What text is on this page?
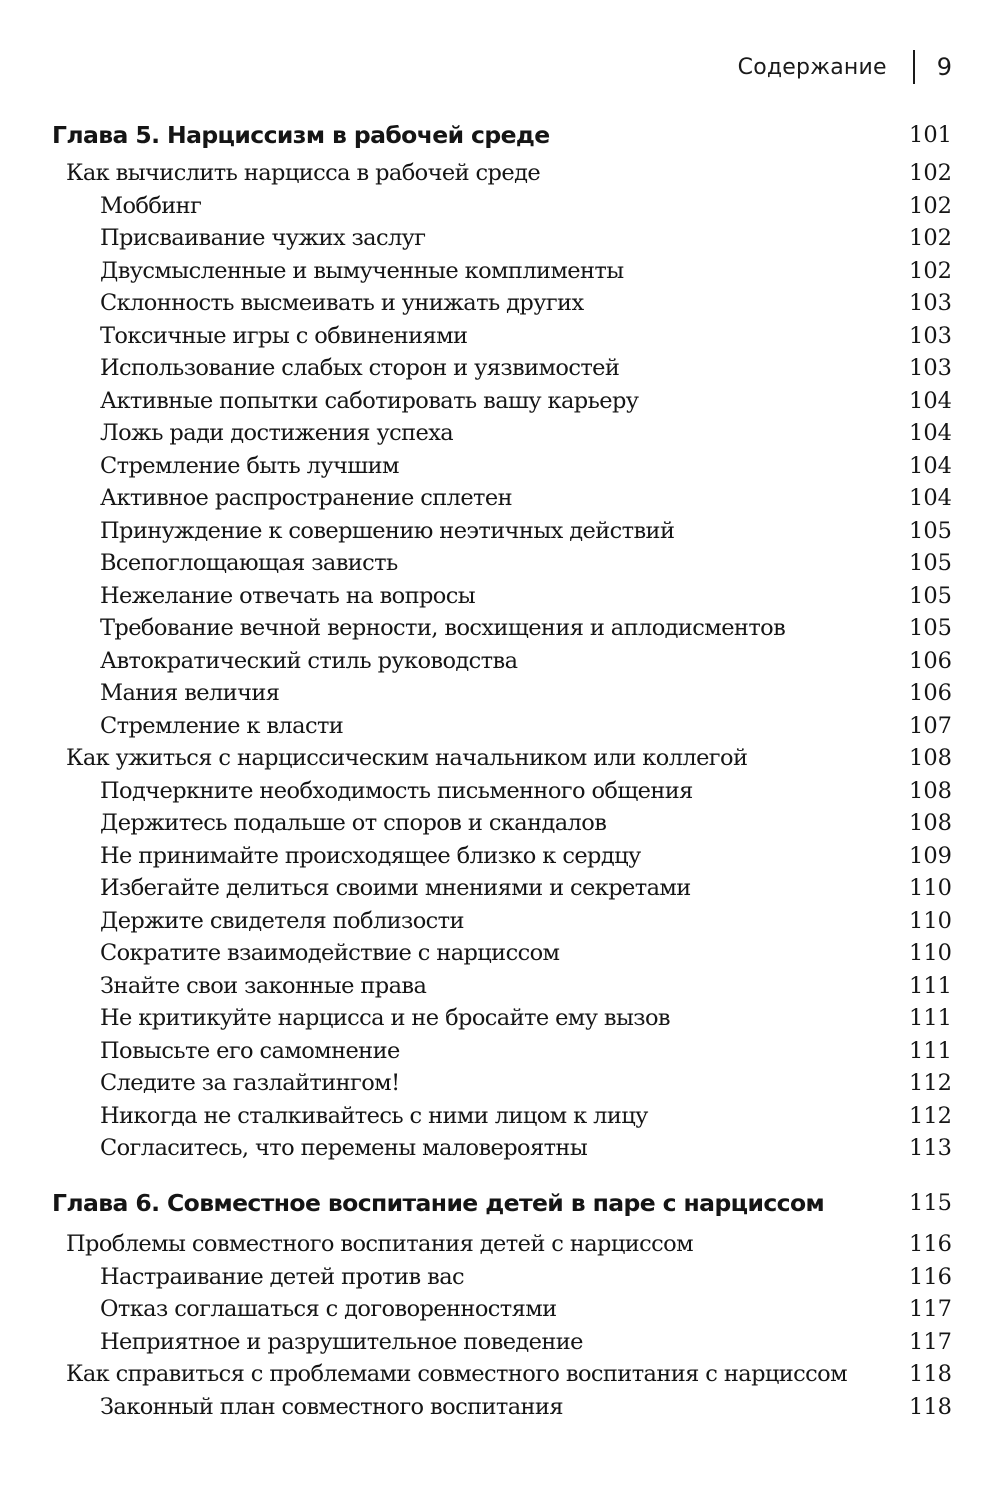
Содержание 9
Глава 5. Нарциссизм в рабочей среде	101
Как вычислить нарцисса в рабочей среде	102
Моббинг	102
Присваивание чужих заслуг	102
Двусмысленные и вымученные комплименты	102
Склонность высмеивать и унижать других	103
Токсичные игры с обвинениями	103
Использование слабых сторон и уязвимостей	103
Активные попытки саботировать вашу карьеру	104
Ложь ради достижения успеха	104
Стремление быть лучшим	104
Активное распространение сплетен	104
Принуждение к совершению неэтичных действий	105
Всепоглощающая зависть	105
Нежелание отвечать на вопросы	105
Требование вечной верности, восхищения и аплодисментов	105
Автократический стиль руководства	106
Мания величия	106
Стремление к власти	107
Как ужиться с нарциссическим начальником или коллегой	108
Подчеркните необходимость письменного общения	108
Держитесь подальше от споров и скандалов	108
Не принимайте происходящее близко к сердцу	109
Избегайте делиться своими мнениями и секретами	110
Держите свидетеля поблизости	110
Сократите взаимодействие с нарциссом	110
Знайте свои законные права	111
Не критикуйте нарцисса и не бросайте ему вызов	111
Повысьте его самомнение	111
Следите за газлайтингом!	112
Никогда не сталкивайтесь с ними лицом к лицу	112
Согласитесь, что перемены маловероятны	113
Глава 6. Совместное воспитание детей в паре с нарциссом	115
Проблемы совместного воспитания детей с нарциссом	116
Настраивание детей против вас	116
Отказ соглашаться с договоренностями	117
Неприятное и разрушительное поведение	117
Как справиться с проблемами совместного воспитания с нарциссом	118
Законный план совместного воспитания	118
